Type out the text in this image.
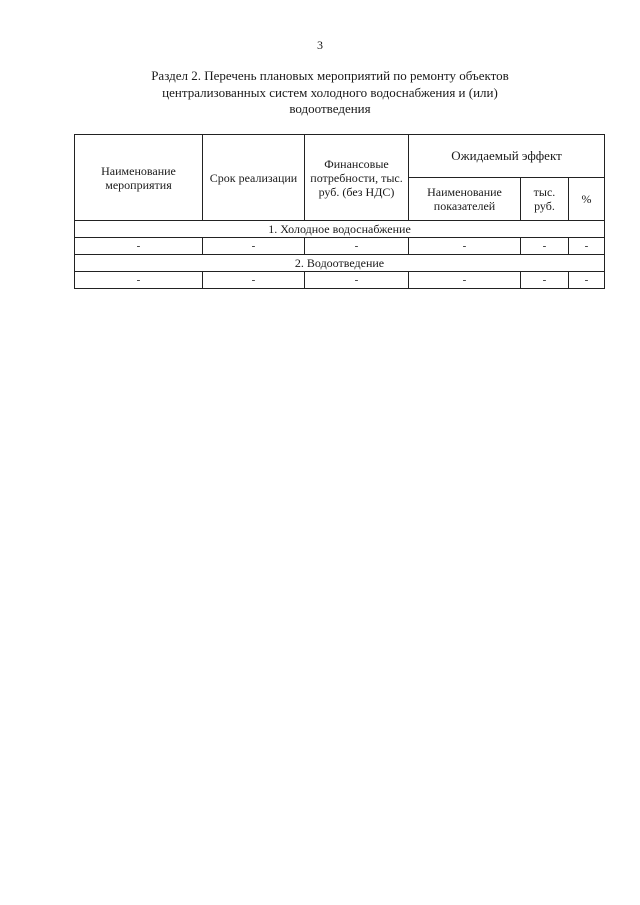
3
Раздел 2. Перечень плановых мероприятий по ремонту объектов
централизованных систем холодного водоснабжения и (или)
водоотведения
Наименование мероприятия	Срок реализации	Финансовые потребности, тыс. руб. (без НДС)	Ожидаемый эффект		
			Наименование показателей	тыс. руб.	%
1. Холодное водоснабжение					
-	-	-	-	-	-
2. Водоотведение					
-	-	-	-	-	-
